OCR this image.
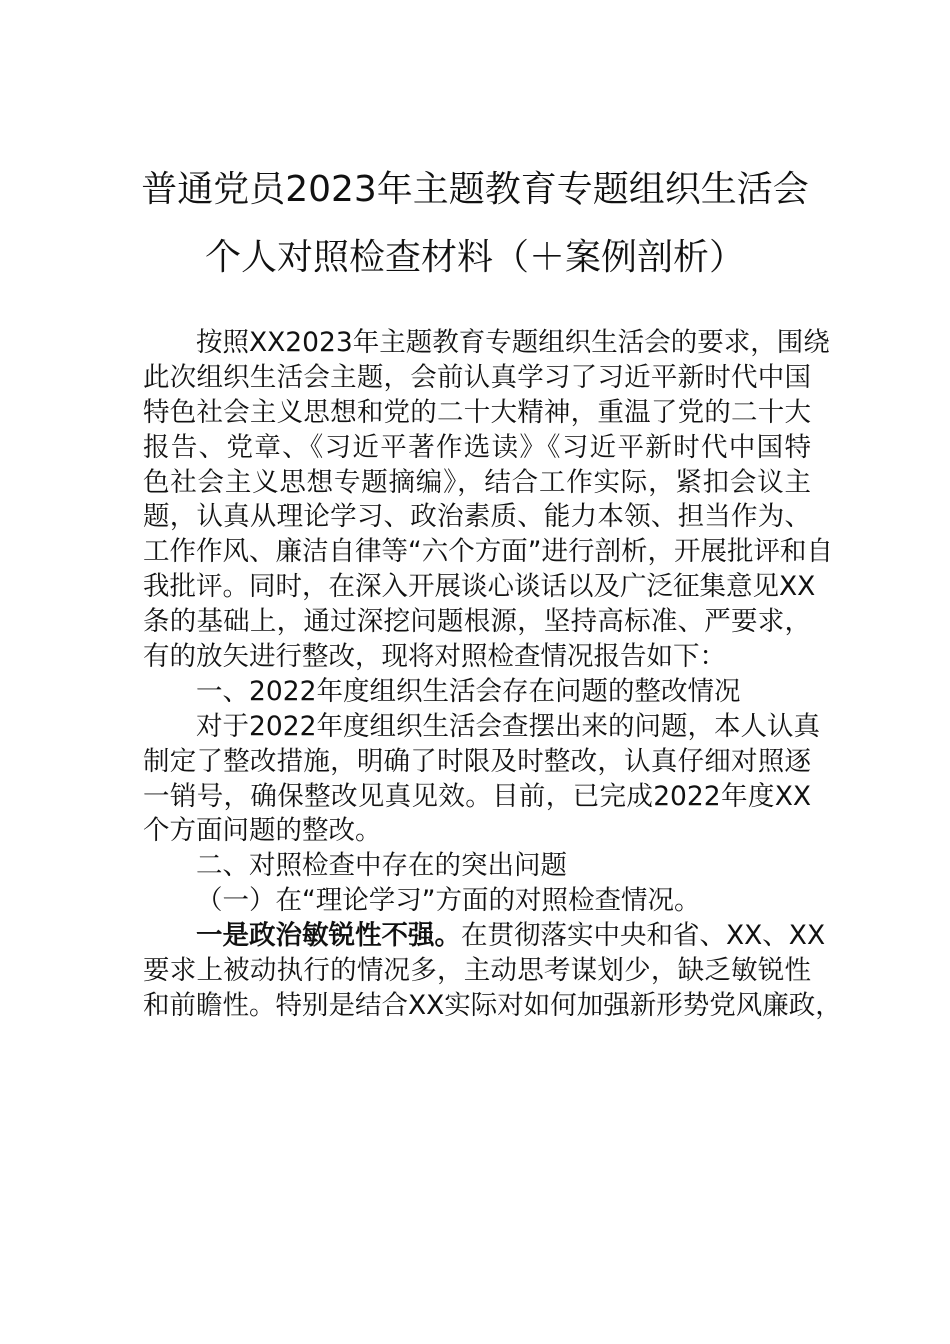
普通党员2023年主题教育专题组织生活会
个人对照检查材料（＋案例剖析）
按照XX2023年主题教育专题组织生活会的要求，围绕
此次组织生活会主题，会前认真学习了习近平新时代中国
特色社会主义思想和党的二十大精神，重温了党的二十大
报告、党章、《习近平著作选读》《习近平新时代中国特
色社会主义思想专题摘编》，结合工作实际，紧扣会议主
题，认真从理论学习、政治素质、能力本领、担当作为、
工作作风、廉洁自律等“六个方面”进行剖析，开展批评和自
我批评。同时，在深入开展谈心谈话以及广泛征集意见XX
条的基础上，通过深挖问题根源，坚持高标准、严要求，
有的放矢进行整改，现将对照检查情况报告如下：
一、2022年度组织生活会存在问题的整改情况
对于2022年度组织生活会查摆出来的问题，本人认真
制定了整改措施，明确了时限及时整改，认真仔细对照逐
一销号，确保整改见真见效。目前，已完成2022年度XX
个方面问题的整改。
二、对照检查中存在的突出问题
（一）在“理论学习”方面的对照检查情况。
一是政治敏锐性不强。在贯彻落实中央和省、XX、XX
要求上被动执行的情况多，主动思考谋划少，缺乏敏锐性
和前瞻性。特别是结合XX实际对如何加强新形势党风廉政，
